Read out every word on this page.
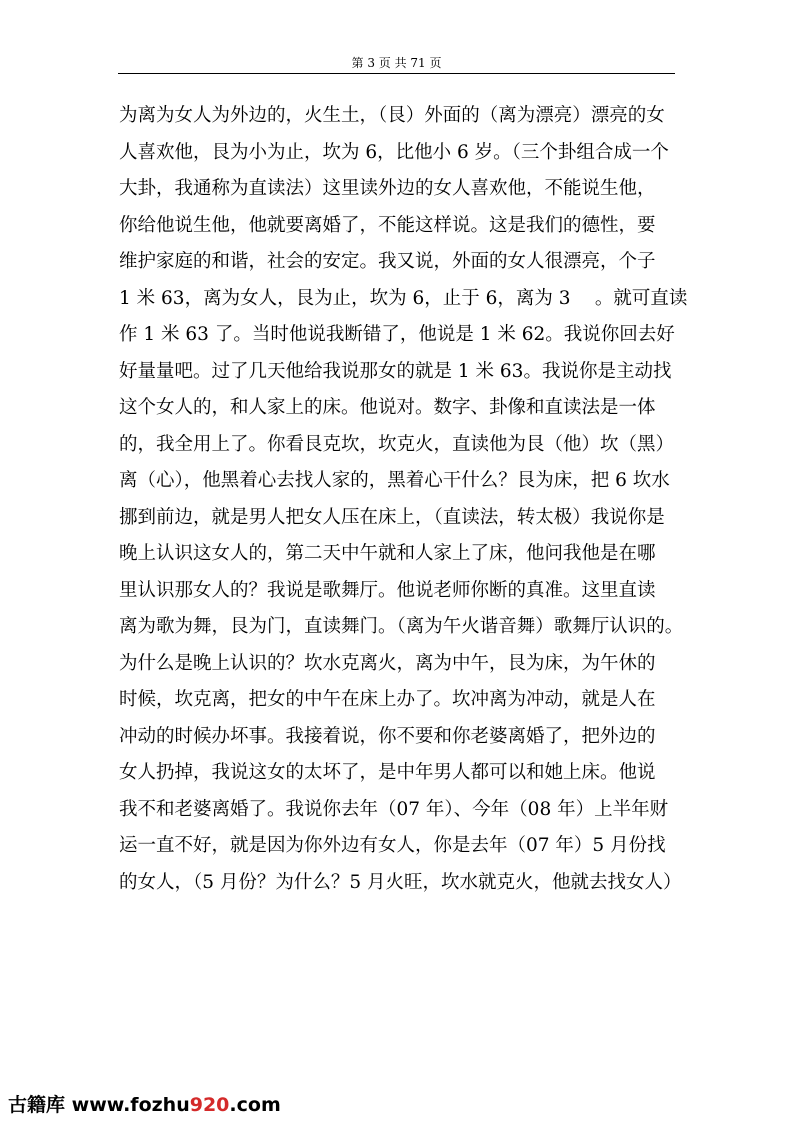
第 3 页 共 71 页
为离为女人为外边的，火生土，（艮）外面的（离为漂亮）漂亮的女
人喜欢他，艮为小为止，坎为 6，比他小 6 岁。（三个卦组合成一个
大卦，我通称为直读法）这里读外边的女人喜欢他，不能说生他，
你给他说生他，他就要离婚了，不能这样说。这是我们的德性，要
维护家庭的和谐，社会的安定。我又说，外面的女人很漂亮，个子
1 米 63，离为女人，艮为止，坎为 6，止于 6，离为 3　 。就可直读
作 1 米 63 了。当时他说我断错了，他说是 1 米 62。我说你回去好
好量量吧。过了几天他给我说那女的就是 1 米 63。我说你是主动找
这个女人的，和人家上的床。他说对。数字、卦像和直读法是一体
的，我全用上了。你看艮克坎，坎克火，直读他为艮（他）坎（黑）
离（心），他黑着心去找人家的，黑着心干什么？艮为床，把 6 坎水
挪到前边，就是男人把女人压在床上，（直读法，转太极）我说你是
晚上认识这女人的，第二天中午就和人家上了床，他问我他是在哪
里认识那女人的？我说是歌舞厅。他说老师你断的真准。这里直读
离为歌为舞，艮为门，直读舞门。（离为午火谐音舞）歌舞厅认识的。
为什么是晚上认识的？坎水克离火，离为中午，艮为床，为午休的
时候，坎克离，把女的中午在床上办了。坎冲离为冲动，就是人在
冲动的时候办坏事。我接着说，你不要和你老婆离婚了，把外边的
女人扔掉，我说这女的太坏了，是中年男人都可以和她上床。他说
我不和老婆离婚了。我说你去年（07 年）、今年（08 年）上半年财
运一直不好，就是因为你外边有女人，你是去年（07 年）5 月份找
的女人，（5 月份？为什么？5 月火旺，坎水就克火，他就去找女人）
古籍库 www.fozhu920.com
